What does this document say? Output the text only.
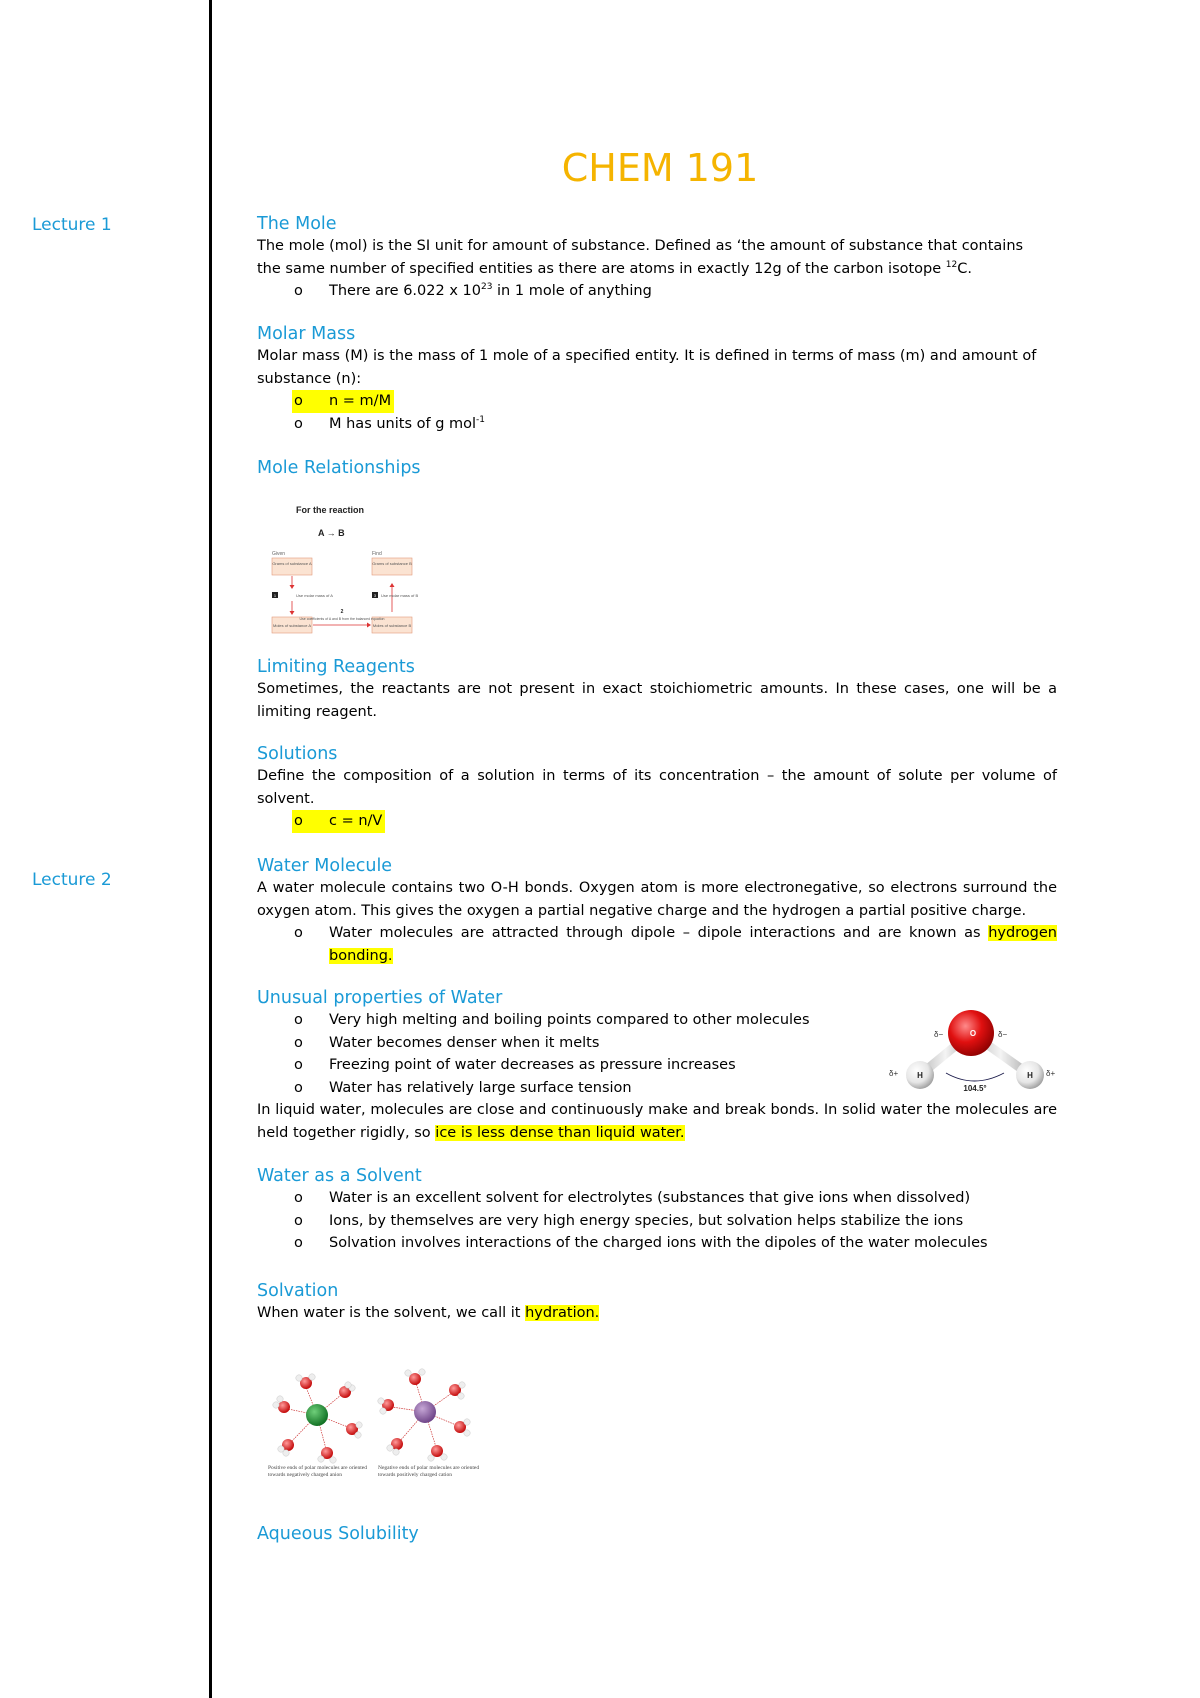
Lecture 1
Lecture 2
CHEM 191
The Mole
The mole (mol) is the SI unit for amount of substance. Defined as ‘the amount of substance that contains
the same number of specified entities as there are atoms in exactly 12g of the carbon isotope $^{12}$C.
o There are 6.022 x $10^{23}$ in 1 mole of anything
Molar Mass
Molar mass (M) is the mass of 1 mole of a specified entity. It is defined in terms of mass (m) and amount of substance (n):
o n = m/M
o M has units of g mol$^{-1}$
Mole Relationships
For the reaction
A → B
Given	Find
Grams of substance A	Grams of substance B
1	Use molar mass of A	3 Use molar mass of B
Moles of substance A	Moles of substance B
2
Use coefficients of A and B from the balanced equation
Limiting Reagents
Sometimes, the reactants are not present in exact stoichiometric amounts. In these cases, one will be a limiting reagent.
Solutions
Define the composition of a solution in terms of its concentration – the amount of solute per volume of solvent.
o c = n/V
Water Molecule
A water molecule contains two O-H bonds. Oxygen atom is more electronegative, so electrons surround the oxygen atom. This gives the oxygen a partial negative charge and the hydrogen a partial positive charge.
o Water molecules are attracted through dipole – dipole interactions and are known as hydrogen bonding.
Unusual properties of Water
o Very high melting and boiling points compared to other molecules
o Water becomes denser when it melts
o Freezing point of water decreases as pressure increases
o Water has relatively large surface tension
In liquid water, molecules are close and continuously make and break bonds. In solid water the molecules are held together rigidly, so ice is less dense than liquid water.
O
H	H
104.5°
δ−	δ−
δ+	δ+
Water as a Solvent
o Water is an excellent solvent for electrolytes (substances that give ions when dissolved)
o Ions, by themselves are very high energy species, but solvation helps stabilize the ions
o Solvation involves interactions of the charged ions with the dipoles of the water molecules
Solvation
When water is the solvent, we call it hydration.
Positive ends of polar molecules are oriented towards negatively charged anion
Negative ends of polar molecules are oriented towards positively charged cation
Aqueous Solubility
